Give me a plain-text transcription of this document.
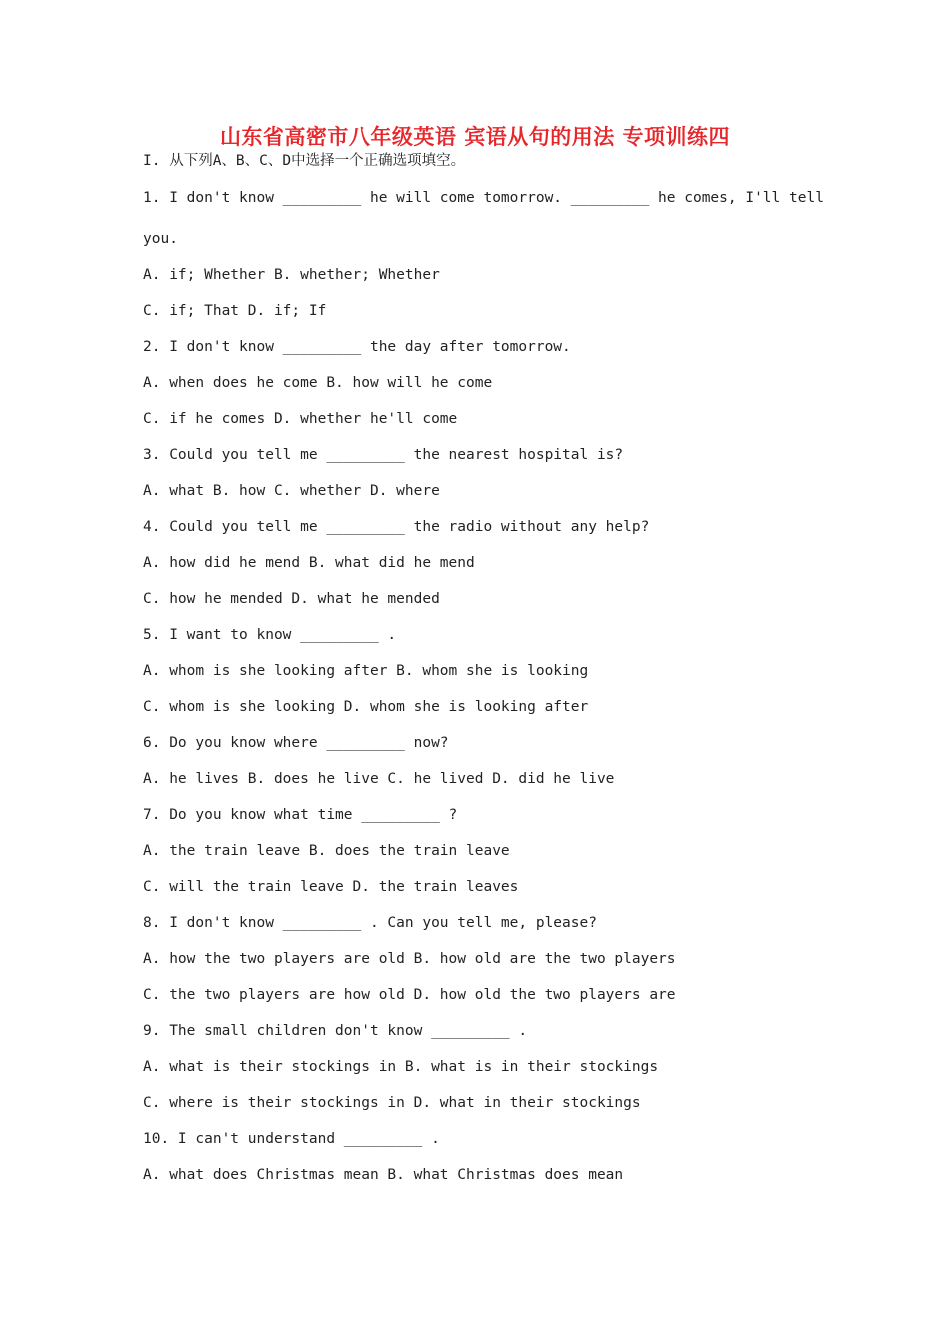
山东省高密市八年级英语 宾语从句的用法 专项训练四
I. 从下列A、B、C、D中选择一个正确选项填空。
1. I don't know _________ he will come tomorrow. _________ he comes, I'll tell
you.
A. if; Whether B. whether; Whether
C. if; That D. if; If
2. I don't know _________ the day after tomorrow.
A. when does he come B. how will he come
C. if he comes D. whether he'll come
3. Could you tell me _________ the nearest hospital is?
A. what B. how C. whether D. where
4. Could you tell me _________ the radio without any help?
A. how did he mend B. what did he mend
C. how he mended D. what he mended
5. I want to know _________ .
A. whom is she looking after B. whom she is looking
C. whom is she looking D. whom she is looking after
6. Do you know where _________ now?
A. he lives B. does he live C. he lived D. did he live
7. Do you know what time _________ ?
A. the train leave B. does the train leave
C. will the train leave D. the train leaves
8. I don't know _________ . Can you tell me, please?
A. how the two players are old B. how old are the two players
C. the two players are how old D. how old the two players are
9. The small children don't know _________ .
A. what is their stockings in B. what is in their stockings
C. where is their stockings in D. what in their stockings
10. I can't understand _________ .
A. what does Christmas mean B. what Christmas does mean
